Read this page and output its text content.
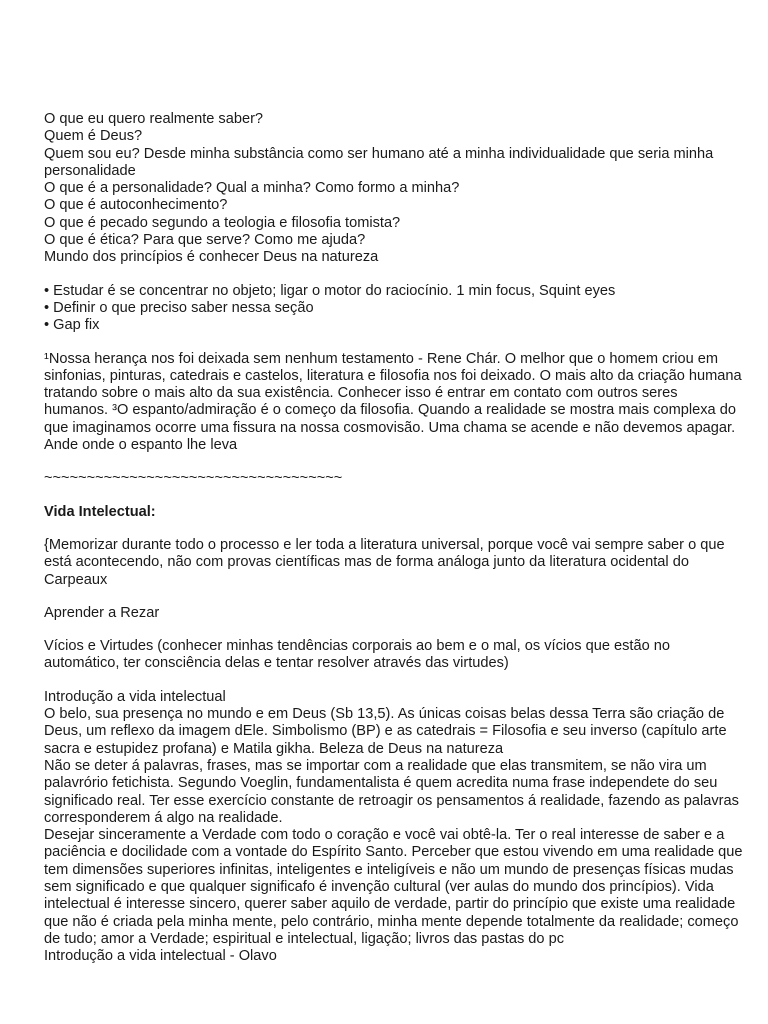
O que eu quero realmente saber?

Quem é Deus?

Quem sou eu? Desde minha substância como ser humano até a minha individualidade que seria minha personalidade

O que é a personalidade? Qual a minha? Como formo a minha?

O que é autoconhecimento?

O que é pecado segundo a teologia e filosofia tomista?

O que é ética? Para que serve? Como me ajuda?

Mundo dos princípios é conhecer Deus na natureza

• Estudar é se concentrar no objeto; ligar o motor do raciocínio. 1 min focus, Squint eyes

• Definir o que preciso saber nessa seção

• Gap fix

¹Nossa herança nos foi deixada sem nenhum testamento - Rene Chár. O melhor que o homem criou em sinfonias, pinturas, catedrais e castelos, literatura e filosofia nos foi deixado. O mais alto da criação humana tratando sobre o mais alto da sua existência. Conhecer isso é entrar em contato com outros seres humanos. ³O espanto/admiração é o começo da filosofia. Quando a realidade se mostra mais complexa do que imaginamos ocorre uma fissura na nossa cosmovisão. Uma chama se acende e não devemos apagar. Ande onde o espanto lhe leva

~~~~~~~~~~~~~~~~~~~~~~~~~~~~~~~~~~~

Vida Intelectual:

{Memorizar durante todo o processo e ler toda a literatura universal, porque você vai sempre saber o que está acontecendo, não com provas científicas mas de forma análoga junto da literatura ocidental do Carpeaux

Aprender a Rezar

Vícios e Virtudes (conhecer minhas tendências corporais ao bem e o mal, os vícios que estão no automático, ter consciência delas e tentar resolver através das virtudes)

Introdução a vida intelectual

O belo, sua presença no mundo e em Deus (Sb 13,5). As únicas coisas belas dessa Terra são criação de Deus, um reflexo da imagem dEle. Simbolismo (BP) e as catedrais = Filosofia e seu inverso (capítulo arte sacra e estupidez profana) e Matila gikha. Beleza de Deus na natureza

Não se deter á palavras, frases, mas se importar com a realidade que elas transmitem, se não vira um palavrório fetichista. Segundo Voeglin, fundamentalista é quem acredita numa frase independete do seu significado real. Ter esse exercício constante de retroagir os pensamentos á realidade, fazendo as palavras corresponderem á algo na realidade.

Desejar sinceramente a Verdade com todo o coração e você vai obtê-la. Ter o real interesse de saber e a paciência e docilidade com a vontade do Espírito Santo. Perceber que estou vivendo em uma realidade que tem dimensões superiores infinitas, inteligentes e inteligíveis e não um mundo de presenças físicas mudas sem significado e que qualquer significafo é invenção cultural (ver aulas do mundo dos princípios). Vida intelectual é interesse sincero, querer saber aquilo de verdade, partir do princípio que existe uma realidade que não é criada pela minha mente, pelo contrário, minha mente depende totalmente da realidade; começo de tudo; amor a Verdade; espiritual e intelectual, ligação; livros das pastas do pc

Introdução a vida intelectual - Olavo
